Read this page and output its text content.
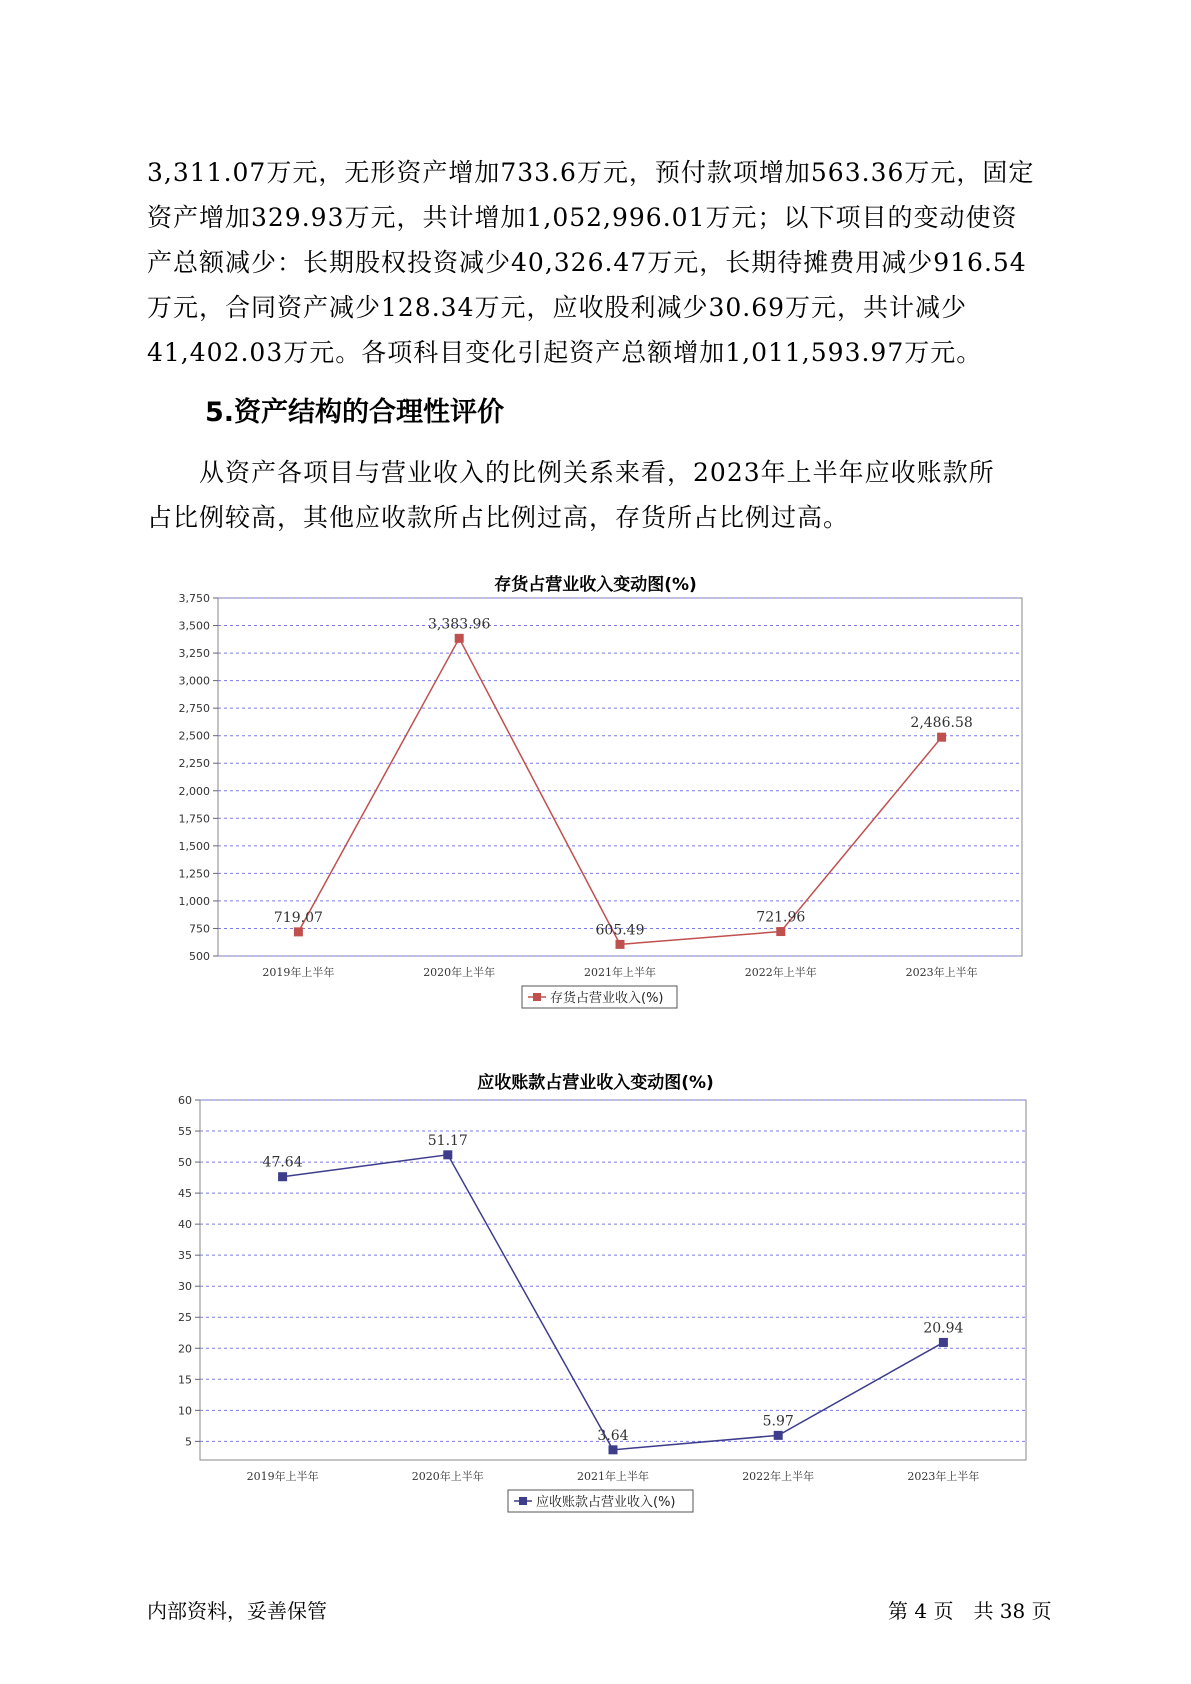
3,311.07万元，无形资产增加733.6万元，预付款项增加563.36万元，固定
资产增加329.93万元，共计增加1,052,996.01万元；以下项目的变动使资
产总额减少：长期股权投资减少40,326.47万元，长期待摊费用减少916.54
万元，合同资产减少128.34万元，应收股利减少30.69万元，共计减少
41,402.03万元。各项科目变化引起资产总额增加1,011,593.97万元。
5.资产结构的合理性评价
　　从资产各项目与营业收入的比例关系来看，2023年上半年应收账款所
占比例较高，其他应收款所占比例过高，存货所占比例过高。
存货占营业收入变动图(%)
500
750
1,000
1,250
1,500
1,750
2,000
2,250
2,500
2,750
3,000
3,250
3,500
3,750
2019年上半年	2020年上半年	2021年上半年	2022年上半年	2023年上半年
719.07
3,383.96
605.49
721.96
2,486.58
存货占营业收入(%)
应收账款占营业收入变动图(%)
5
10
15
20
25
30
35
40
45
50
55
60
2019年上半年	2020年上半年	2021年上半年	2022年上半年	2023年上半年
47.64
51.17
3.64
5.97
20.94
应收账款占营业收入(%)
内部资料，妥善保管	第 4 页　共 38 页
